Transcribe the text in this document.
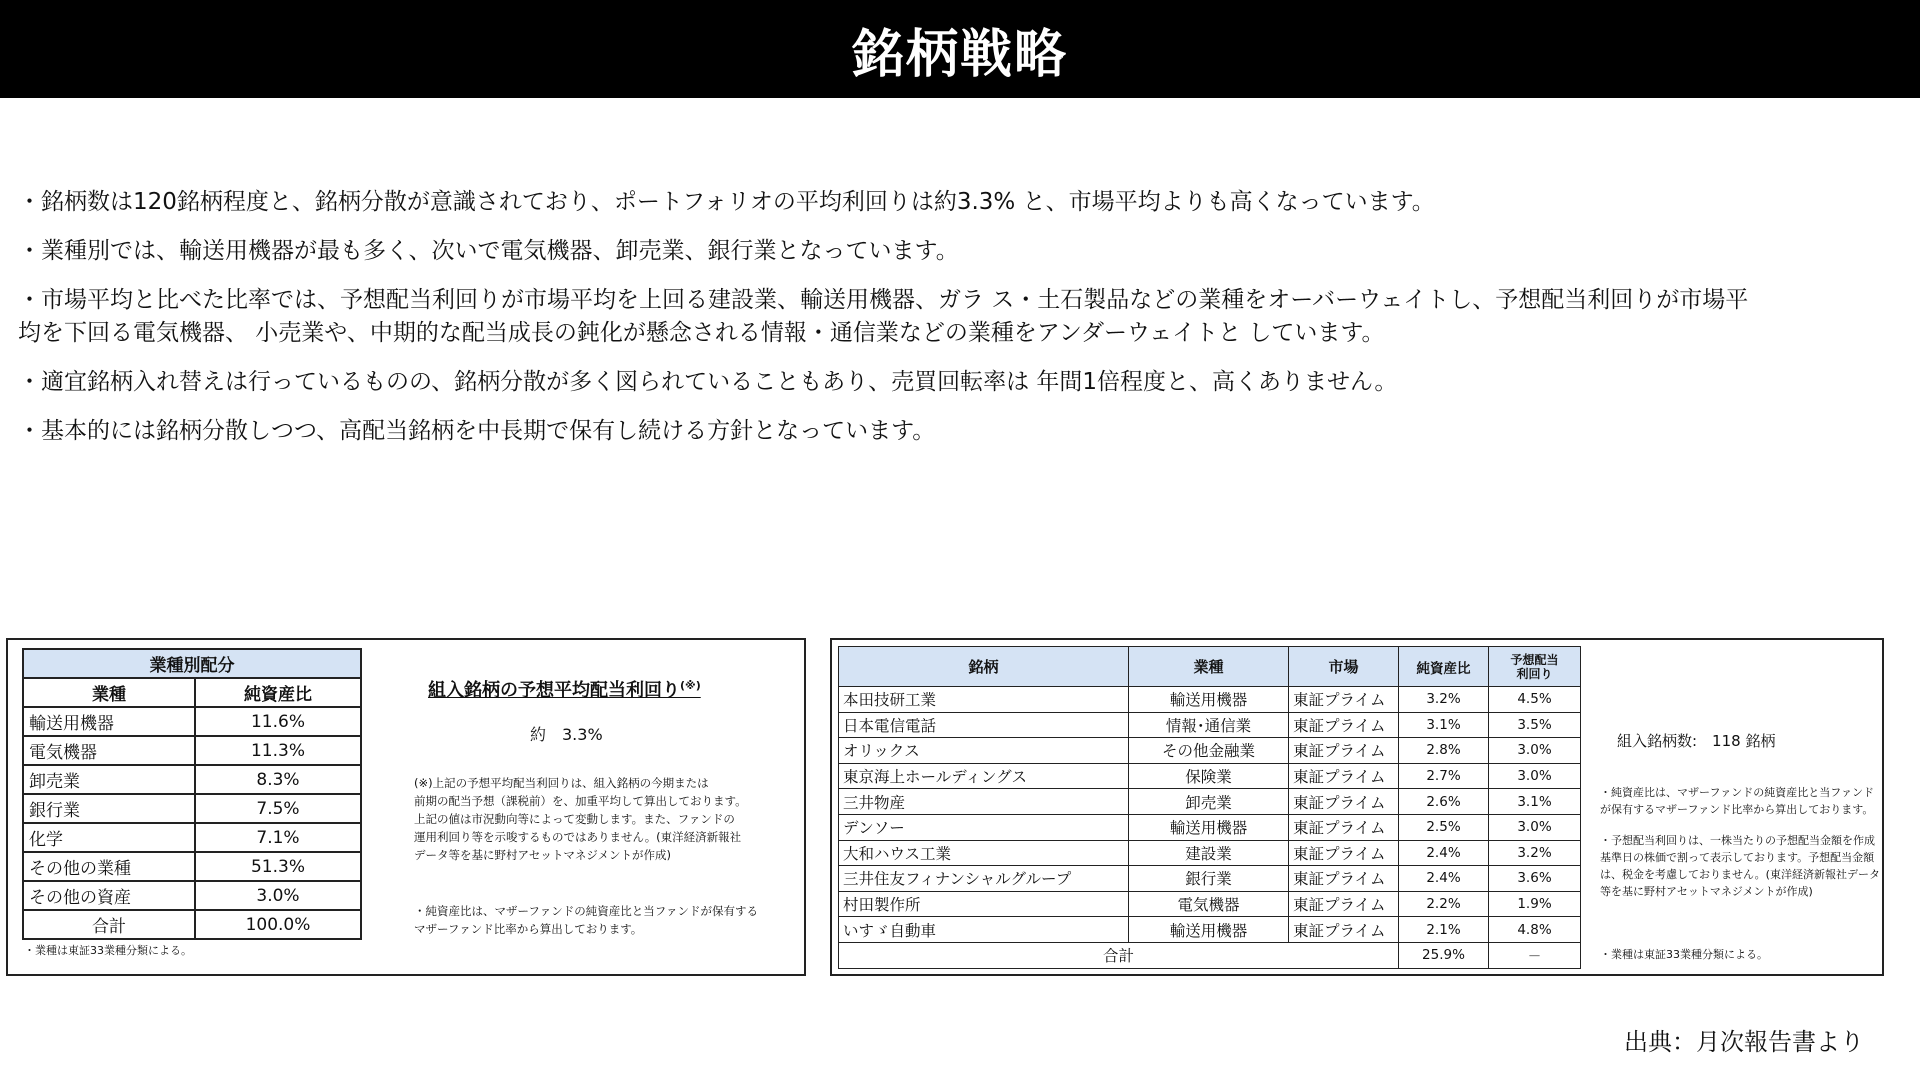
銘柄戦略
・銘柄数は120銘柄程度と、銘柄分散が意識されており、ポートフォリオの平均利回りは約3.3% と、市場平均よりも高くなっています。
・業種別では、輸送用機器が最も多く、次いで電気機器、卸売業、銀行業となっています。
・市場平均と比べた比率では、予想配当利回りが市場平均を上回る建設業、輸送用機器、ガラ ス・土石製品などの業種をオーバーウェイトし、予想配当利回りが市場平
均を下回る電気機器、 小売業や、中期的な配当成長の鈍化が懸念される情報・通信業などの業種をアンダーウェイトと しています。
・適宜銘柄入れ替えは行っているものの、銘柄分散が多く図られていることもあり、売買回転率は 年間1倍程度と、高くありません。
・基本的には銘柄分散しつつ、高配当銘柄を中長期で保有し続ける方針となっています。
業種別配分	
業種	純資産比
輸送用機器	11.6%
電気機器	11.3%
卸売業	8.3%
銀行業	7.5%
化学	7.1%
その他の業種	51.3%
その他の資産	3.0%
合計	100.0%
・業種は東証33業種分類による。
組入銘柄の予想平均配当利回り(※)
約　3.3%
(※)上記の予想平均配当利回りは、組入銘柄の今期または
前期の配当予想（課税前）を、加重平均して算出しております。
上記の値は市況動向等によって変動します。また、ファンドの
運用利回り等を示唆するものではありません。(東洋経済新報社
データ等を基に野村アセットマネジメントが作成)
・純資産比は、マザーファンドの純資産比と当ファンドが保有する
マザーファンド比率から算出しております。
銘柄	業種	市場	純資産比	予想配当
利回り
本田技研工業	輸送用機器	東証プライム	3.2%	4.5%
日本電信電話	情報･通信業	東証プライム	3.1%	3.5%
オリックス	その他金融業	東証プライム	2.8%	3.0%
東京海上ホールディングス	保険業	東証プライム	2.7%	3.0%
三井物産	卸売業	東証プライム	2.6%	3.1%
デンソー	輸送用機器	東証プライム	2.5%	3.0%
大和ハウス工業	建設業	東証プライム	2.4%	3.2%
三井住友フィナンシャルグループ	銀行業	東証プライム	2.4%	3.6%
村田製作所	電気機器	東証プライム	2.2%	1.9%
いすゞ自動車	輸送用機器	東証プライム	2.1%	4.8%
合計			25.9%	－
組入銘柄数:　118 銘柄

・純資産比は、マザーファンドの純資産比と当ファンドが保有するマザーファンド比率から算出しております。

・予想配当利回りは、一株当たりの予想配当金額を作成基準日の株価で割って表示しております。予想配当金額は、税金を考慮しておりません。(東洋経済新報社データ等を基に野村アセットマネジメントが作成)

・業種は東証33業種分類による。
出典：月次報告書より
